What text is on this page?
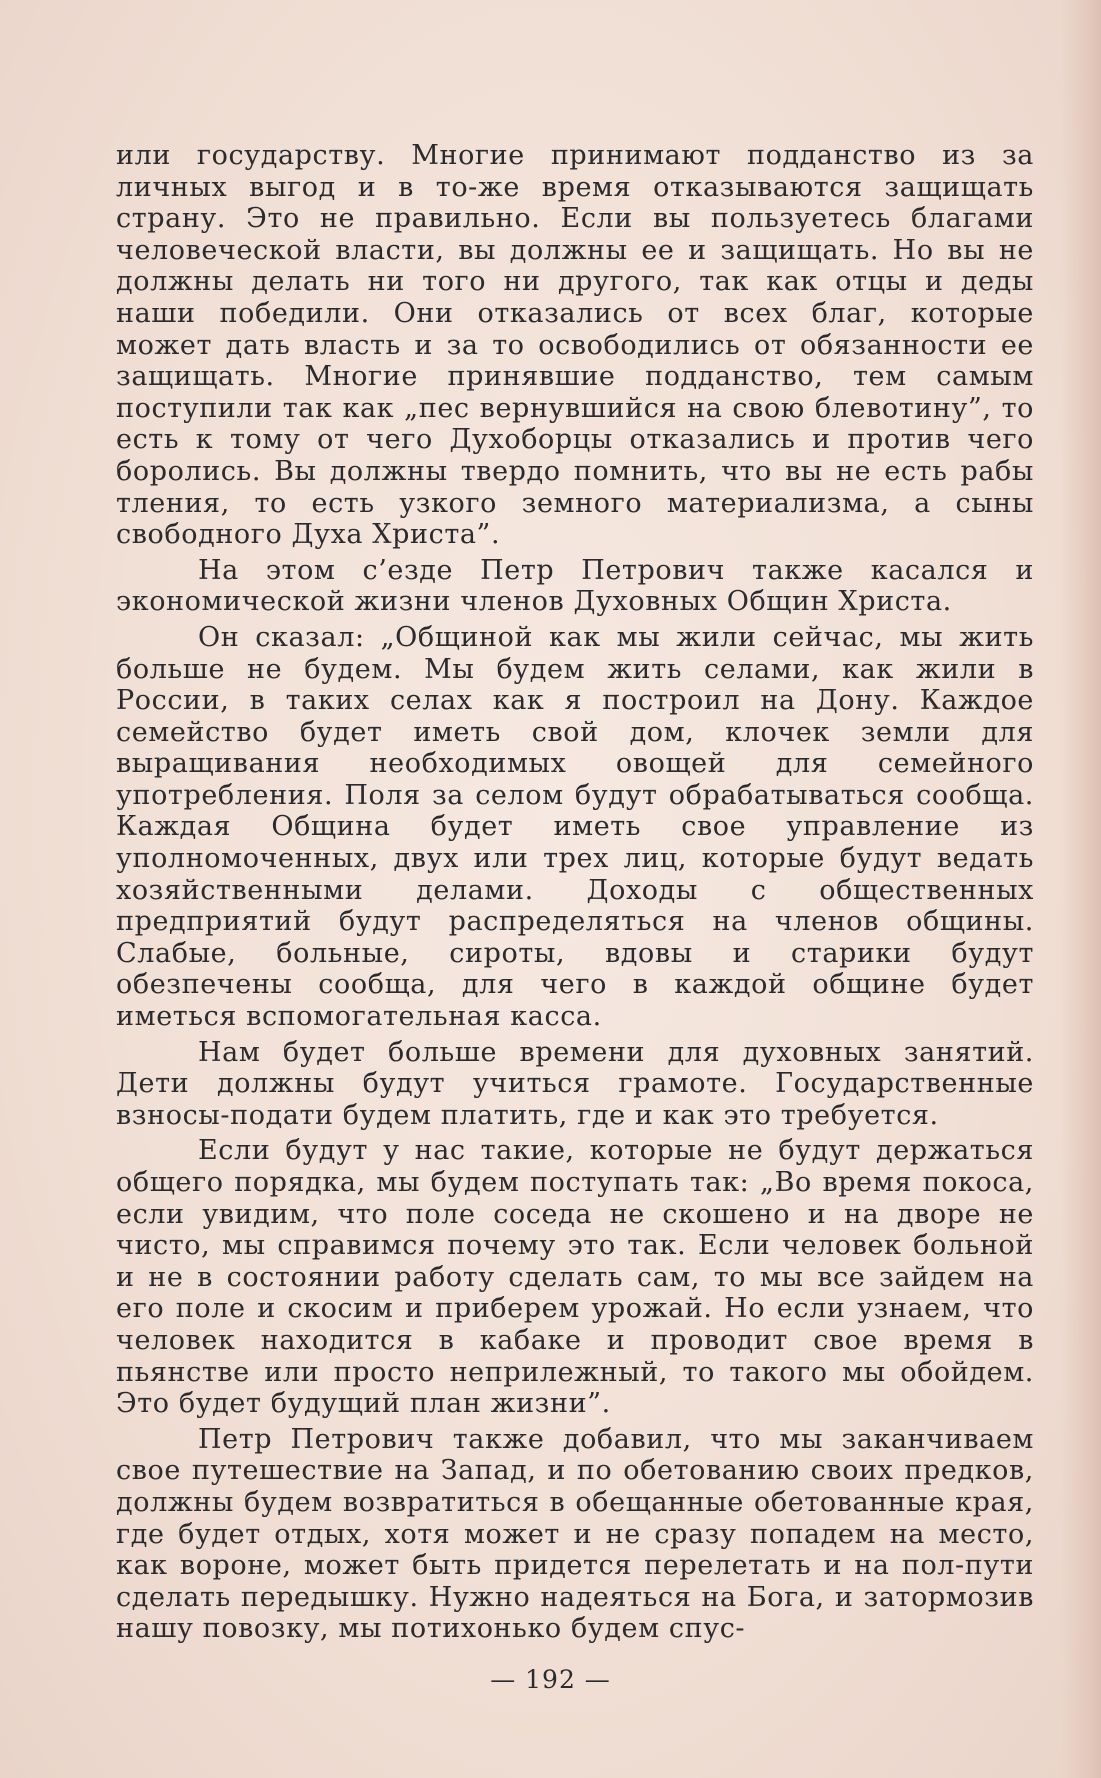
или государству. Многие принимают подданство из за личных выгод и в то-же время отказываются защищать страну. Это не правильно. Если вы пользуетесь благами человеческой власти, вы должны ее и защищать. Но вы не должны делать ни того ни другого, так как отцы и деды наши победили. Они отказались от всех благ, которые может дать власть и за то освободились от обязанности ее защищать. Многие принявшие подданство, тем самым поступили так как „пес вернувшийся на свою блевотину”, то есть к тому от чего Духоборцы отказались и против чего боролись. Вы должны твердо помнить, что вы не есть рабы тления, то есть узкого земного материализма, а сыны свободного Духа Христа”.

На этом с’езде Петр Петрович также касался и экономической жизни членов Духовных Общин Христа.

Он сказал: „Общиной как мы жили сейчас, мы жить больше не будем. Мы будем жить селами, как жили в России, в таких селах как я построил на Дону. Каждое семейство будет иметь свой дом, клочек земли для выращивания необходимых овощей для семейного употребления. Поля за селом будут обрабатываться сообща. Каждая Община будет иметь свое управление из уполномоченных, двух или трех лиц, которые будут ведать хозяйственными делами. Доходы с общественных предприятий будут распределяться на членов общины. Слабые, больные, сироты, вдовы и старики будут обезпечены сообща, для чего в каждой общине будет иметься вспомогательная касса.

Нам будет больше времени для духовных занятий. Дети должны будут учиться грамоте. Государственные взносы-подати будем платить, где и как это требуется.

Если будут у нас такие, которые не будут держаться общего порядка, мы будем поступать так: „Во время покоса, если увидим, что поле соседа не скошено и на дворе не чисто, мы справимся почему это так. Если человек больной и не в состоянии работу сделать сам, то мы все зайдем на его поле и скосим и приберем урожай. Но если узнаем, что человек находится в кабаке и проводит свое время в пьянстве или просто неприлежный, то такого мы обойдем. Это будет будущий план жизни”.

Петр Петрович также добавил, что мы заканчиваем свое путешествие на Запад, и по обетованию своих предков, должны будем возвратиться в обещанные обетованные края, где будет отдых, хотя может и не сразу попадем на место, как вороне, может быть придется перелетать и на пол-пути сделать передышку. Нужно надеяться на Бога, и затормозив нашу повозку, мы потихонько будем спус-

— 192 —
